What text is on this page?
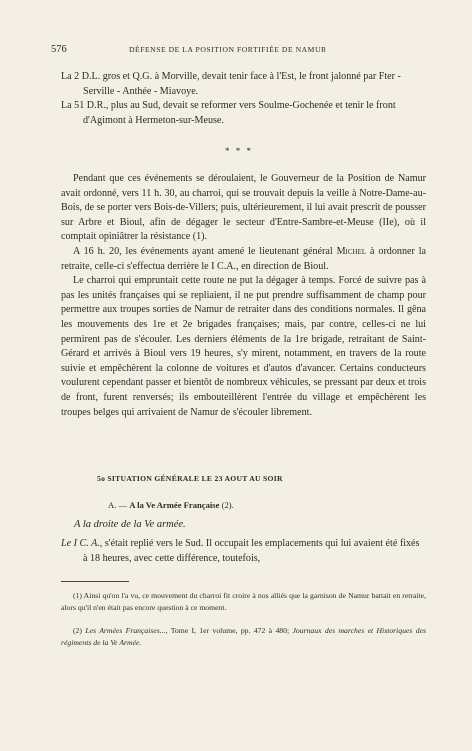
576	DÉFENSE DE LA POSITION FORTIFIÉE DE NAMUR

La 2 D.L. gros et Q.G. à Morville, devait tenir face à l'Est, le front jalonné par Fter - Serville - Anthée - Miavoye.

La 51 D.R., plus au Sud, devait se reformer vers Soulme-Gochenée et tenir le front d'Agimont à Hermeton-sur-Meuse.

* * *

Pendant que ces événements se déroulaient, le Gouverneur de la Position de Namur avait ordonné, vers 11 h. 30, au charroi, qui se trouvait depuis la veille à Notre-Dame-au-Bois, de se porter vers Bois-de-Villers; puis, ultérieurement, il lui avait prescrit de pousser sur Arbre et Bioul, afin de dégager le secteur d'Entre-Sambre-et-Meuse (IIe), où il comptait opiniâtrer la résistance (1).

A 16 h. 20, les événements ayant amené le lieutenant général Michel à ordonner la retraite, celle-ci s'effectua derrière le I C.A., en direction de Bioul.

Le charroi qui empruntait cette route ne put la dégager à temps. Forcé de suivre pas à pas les unités françaises qui se repliaient, il ne put prendre suffisamment de champ pour permettre aux troupes sorties de Namur de retraiter dans des conditions normales. Il gêna les mouvements des 1re et 2e brigades françaises; mais, par contre, celles-ci ne lui permirent pas de s'écouler. Les derniers éléments de la 1re brigade, retraitant de Saint-Gérard et arrivés à Bioul vers 19 heures, s'y mirent, notamment, en travers de la route suivie et empêchèrent la colonne de voitures et d'autos d'avancer. Certains conducteurs voulurent cependant passer et bientôt de nombreux véhicules, se pressant par deux et trois de front, furent renversés; ils embouteillèrent l'entrée du village et empêchèrent les troupes belges qui arrivaient de Namur de s'écouler librement.

5o SITUATION GÉNÉRALE LE 23 AOUT AU SOIR
A. — A la Ve Armée Française (2).
A la droite de la Ve armée.

Le I C. A., s'était replié vers le Sud. Il occupait les emplacements qui lui avaient été fixés à 18 heures, avec cette différence, toutefois,

(1) Ainsi qu'on l'a vu, ce mouvement du charroi fit croire à nos alliés que la garnison de Namur battait en retraite, alors qu'il n'en était pas encore question à ce moment.

(2) Les Armées Françaises..., Tome I, 1er volume, pp. 472 à 480; Journaux des marches et Historiques des régiments de la Ve Armée.
